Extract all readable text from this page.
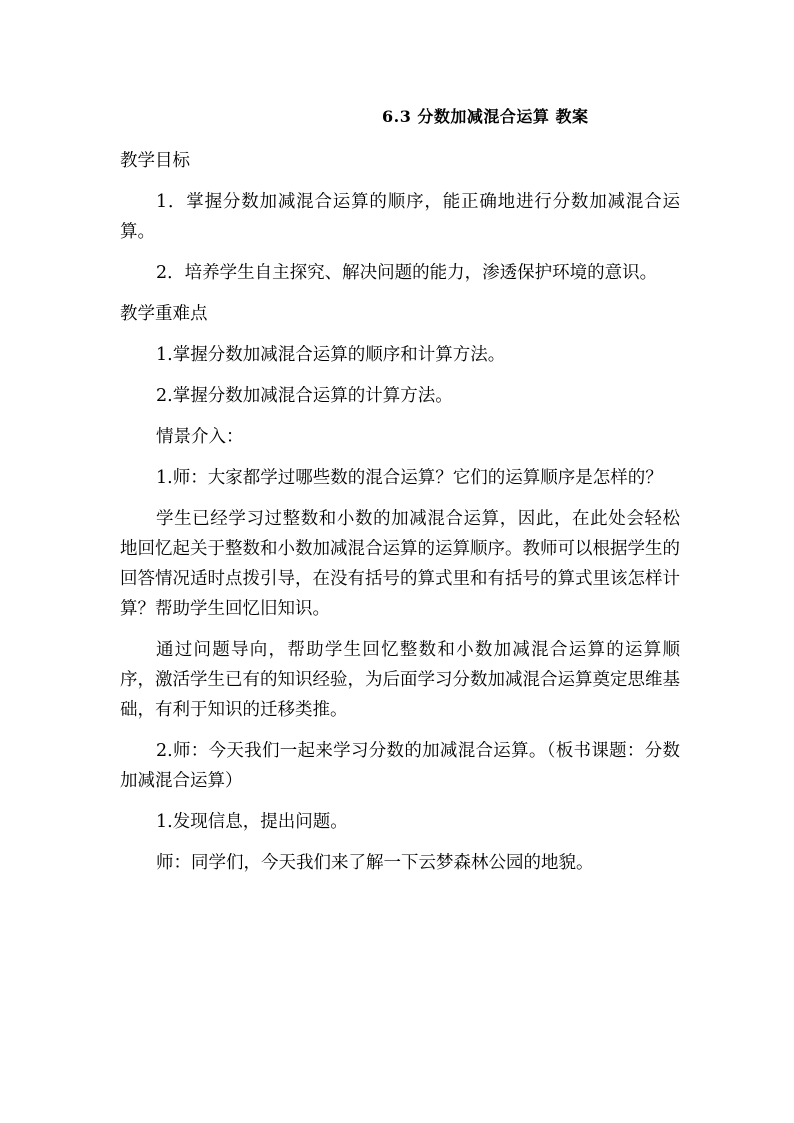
6.3 分数加减混合运算 教案

教学目标

1．掌握分数加减混合运算的顺序，能正确地进行分数加减混合运算。

2．培养学生自主探究、解决问题的能力，渗透保护环境的意识。

教学重难点

1.掌握分数加减混合运算的顺序和计算方法。

2.掌握分数加减混合运算的计算方法。

情景介入：

1.师：大家都学过哪些数的混合运算？它们的运算顺序是怎样的？

学生已经学习过整数和小数的加减混合运算，因此，在此处会轻松地回忆起关于整数和小数加减混合运算的运算顺序。教师可以根据学生的回答情况适时点拨引导，在没有括号的算式里和有括号的算式里该怎样计算？帮助学生回忆旧知识。

通过问题导向，帮助学生回忆整数和小数加减混合运算的运算顺序，激活学生已有的知识经验，为后面学习分数加减混合运算奠定思维基础，有利于知识的迁移类推。

2.师：今天我们一起来学习分数的加减混合运算。（板书课题：分数加减混合运算）

1.发现信息，提出问题。

师：同学们，今天我们来了解一下云梦森林公园的地貌。
